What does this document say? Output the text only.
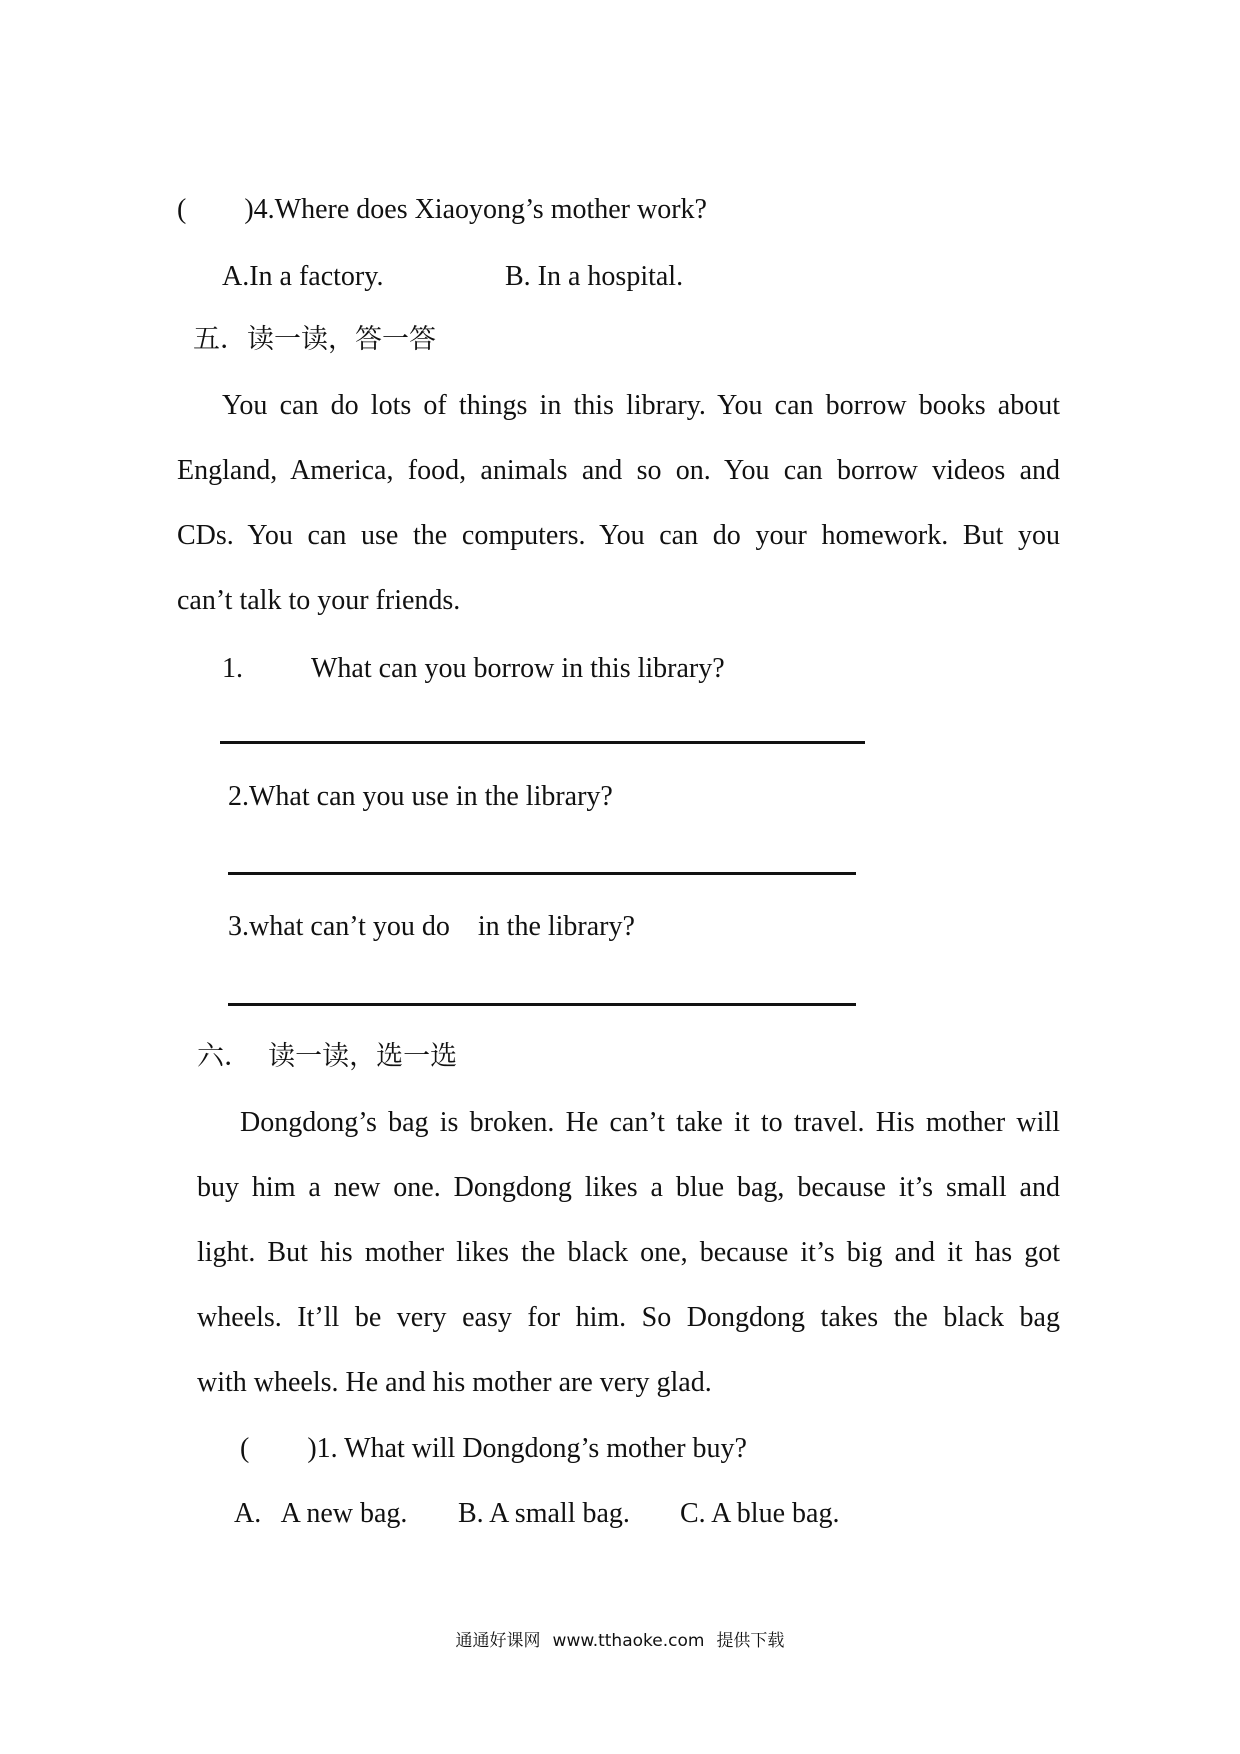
( )4.Where does Xiaoyong’s mother work?
A.In a factory.	B. In a hospital.
五．读一读，答一答
You can do lots of things in this library. You can borrow books about
England, America, food, animals and so on. You can borrow videos and
CDs. You can use the computers. You can do your homework. But you
can’t talk to your friends.
1. What can you borrow in this library?
2.What can you use in the library?
3.what can’t you do    in the library?
六．  读一读，选一选
Dongdong’s bag is broken. He can’t take it to travel. His mother will
buy him a new one. Dongdong likes a blue bag, because it’s small and
light. But his mother likes the black one, because it’s big and it has got
wheels. It’ll be very easy for him. So Dongdong takes the black bag
with wheels. He and his mother are very glad.
( )1. What will Dongdong’s mother buy?
A.   A new bag. B. A small bag. C. A blue bag.
通通好课网 www.tthaoke.com 提供下载
